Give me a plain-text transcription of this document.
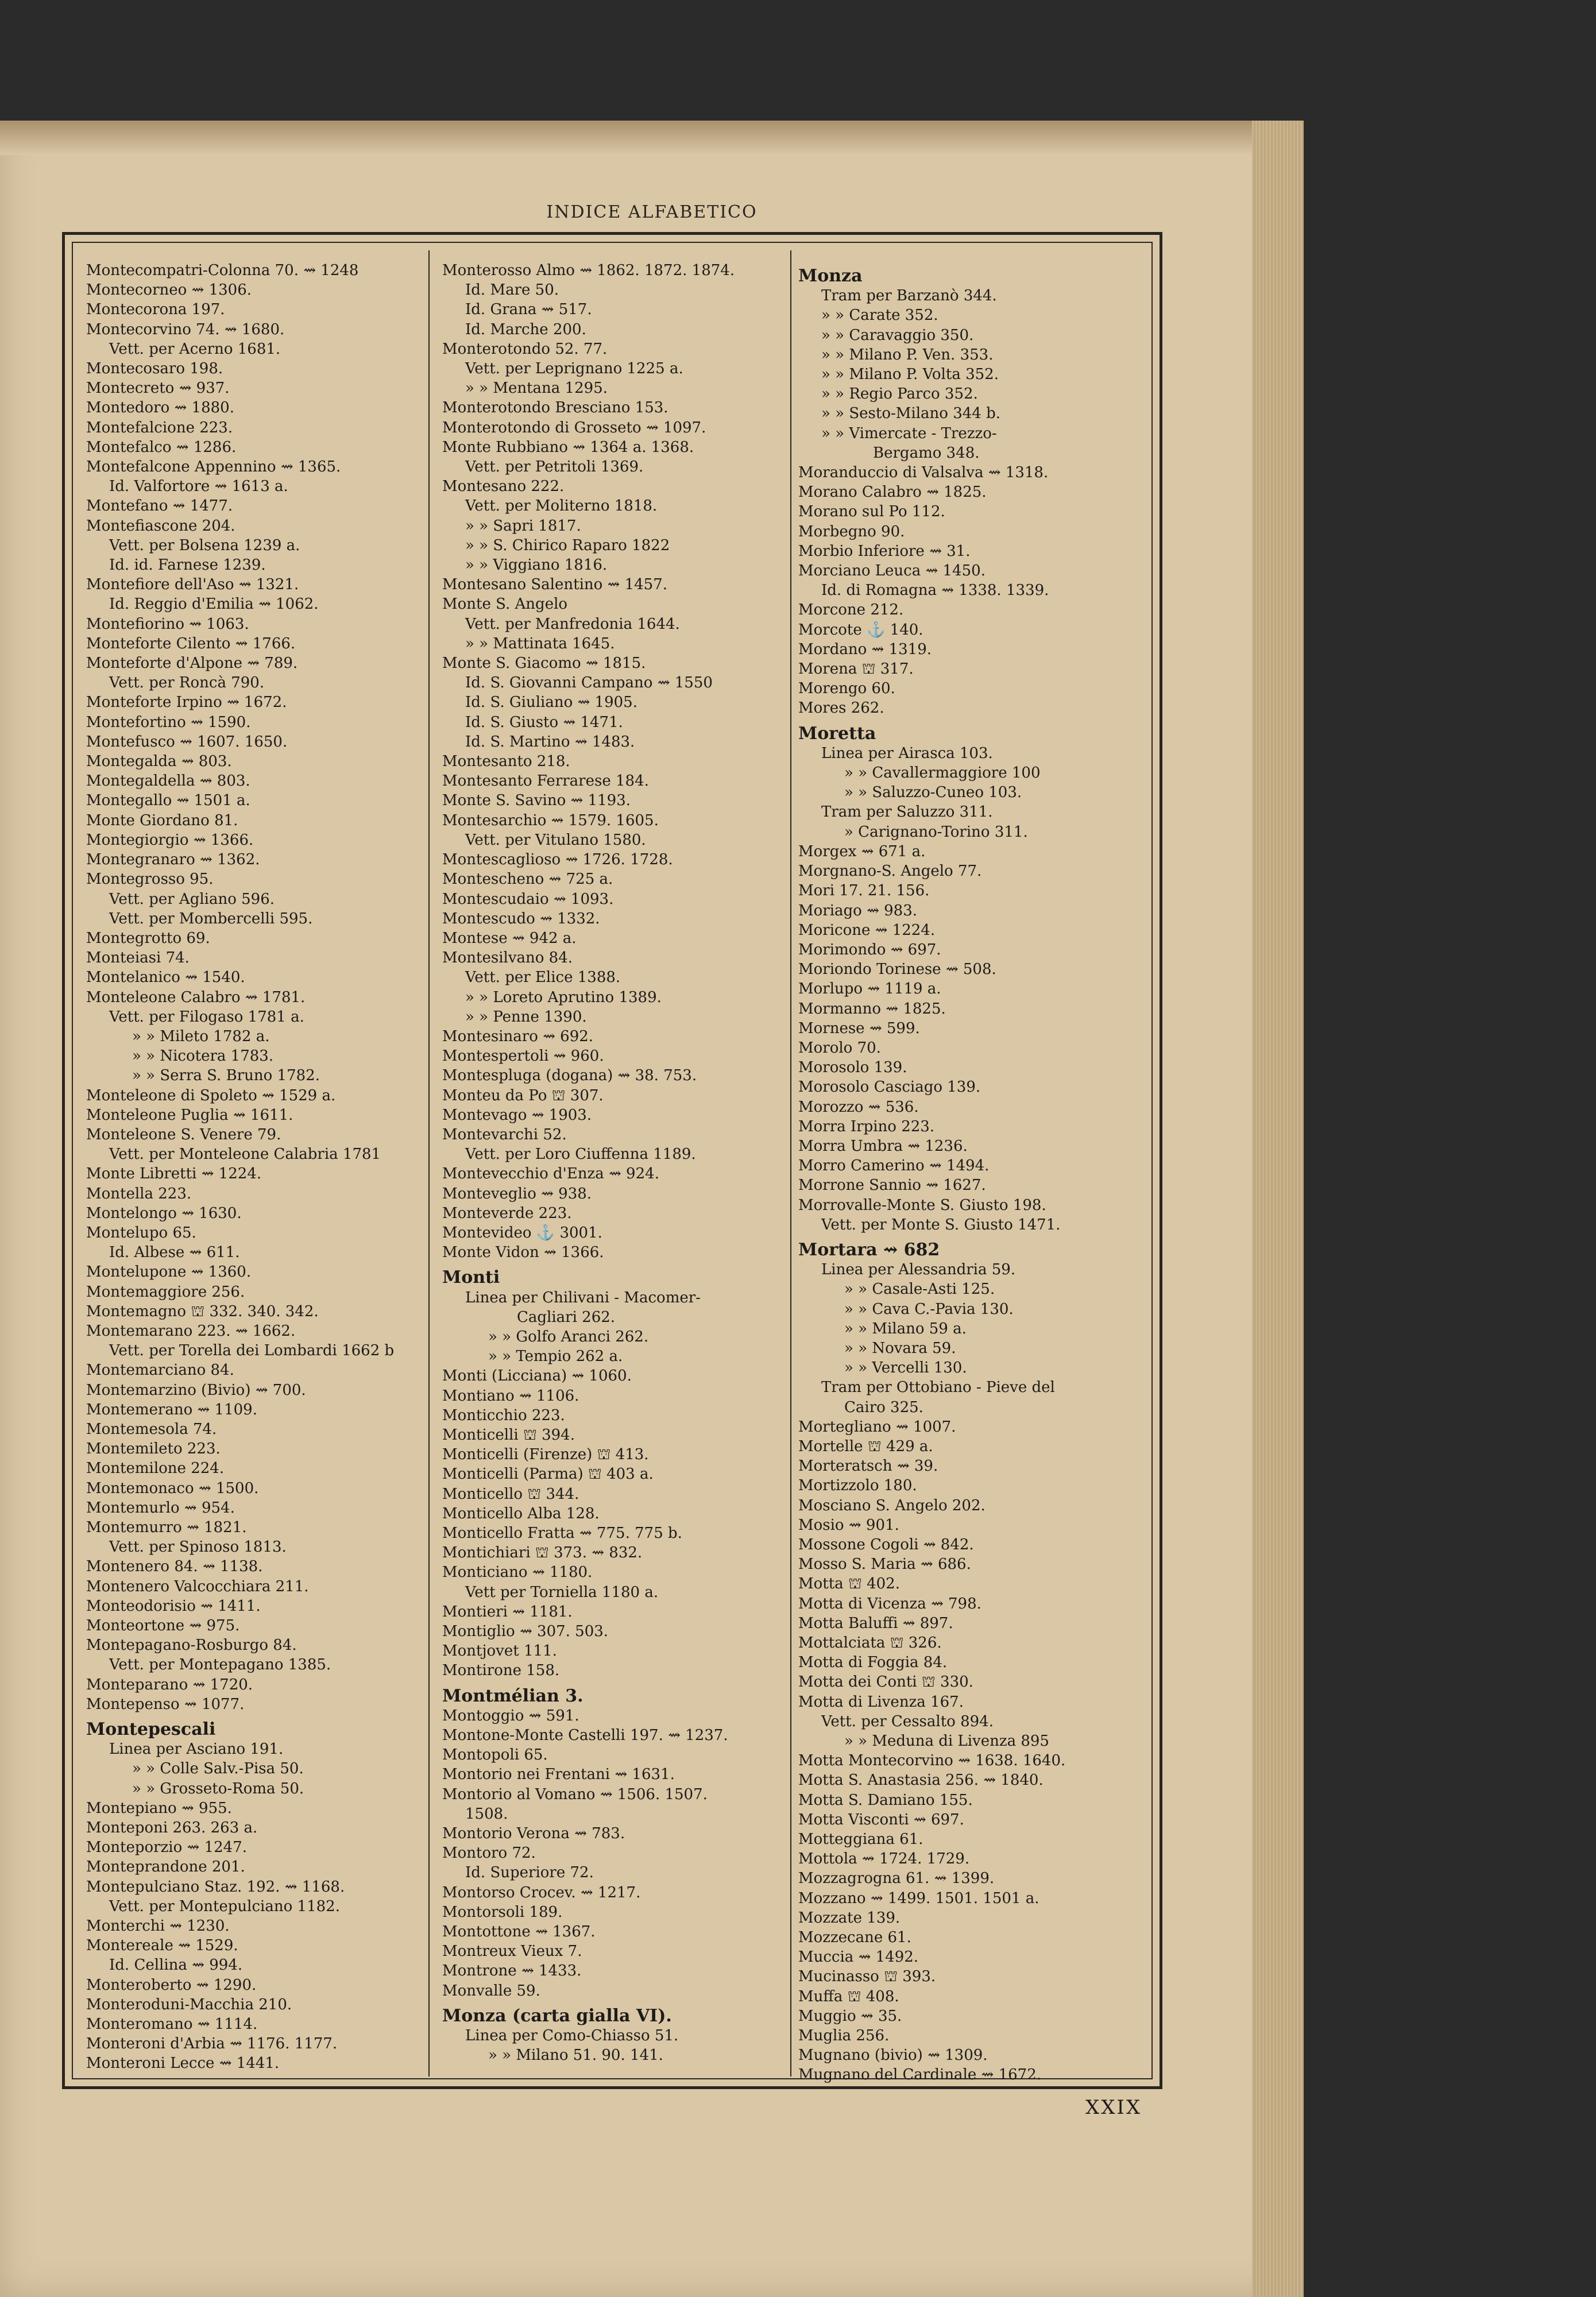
INDICE ALFABETICO
Montecompatri-Colonna 70. ⇝ 1248
Montecorneo ⇝ 1306.
Montecorona 197.
Montecorvino 74. ⇝ 1680.
Vett. per Acerno 1681.
Montecosaro 198.
Montecreto ⇝ 937.
Montedoro ⇝ 1880.
Montefalcione 223.
Montefalco ⇝ 1286.
Montefalcone Appennino ⇝ 1365.
Id. Valfortore ⇝ 1613 a.
Montefano ⇝ 1477.
Montefiascone 204.
Vett. per Bolsena 1239 a.
Id. id. Farnese 1239.
Montefiore dell'Aso ⇝ 1321.
Id. Reggio d'Emilia ⇝ 1062.
Montefiorino ⇝ 1063.
Monteforte Cilento ⇝ 1766.
Monteforte d'Alpone ⇝ 789.
Vett. per Roncà 790.
Monteforte Irpino ⇝ 1672.
Montefortino ⇝ 1590.
Montefusco ⇝ 1607. 1650.
Montegalda ⇝ 803.
Montegaldella ⇝ 803.
Montegallo ⇝ 1501 a.
Monte Giordano 81.
Montegiorgio ⇝ 1366.
Montegranaro ⇝ 1362.
Montegrosso 95.
Vett. per Agliano 596.
Vett. per Mombercelli 595.
Montegrotto 69.
Monteiasi 74.
Montelanico ⇝ 1540.
Monteleone Calabro ⇝ 1781.
Vett. per Filogaso 1781 a.
» » Mileto 1782 a.
» » Nicotera 1783.
» » Serra S. Bruno 1782.
Monteleone di Spoleto ⇝ 1529 a.
Monteleone Puglia ⇝ 1611.
Monteleone S. Venere 79.
Vett. per Monteleone Calabria 1781
Monte Libretti ⇝ 1224.
Montella 223.
Montelongo ⇝ 1630.
Montelupo 65.
Id. Albese ⇝ 611.
Montelupone ⇝ 1360.
Montemaggiore 256.
Montemagno ⛫ 332. 340. 342.
Montemarano 223. ⇝ 1662.
Vett. per Torella dei Lombardi 1662 b
Montemarciano 84.
Montemarzino (Bivio) ⇝ 700.
Montemerano ⇝ 1109.
Montemesola 74.
Montemileto 223.
Montemilone 224.
Montemonaco ⇝ 1500.
Montemurlo ⇝ 954.
Montemurro ⇝ 1821.
Vett. per Spinoso 1813.
Montenero 84. ⇝ 1138.
Montenero Valcocchiara 211.
Monteodorisio ⇝ 1411.
Monteortone ⇝ 975.
Montepagano-Rosburgo 84.
Vett. per Montepagano 1385.
Monteparano ⇝ 1720.
Montepenso ⇝ 1077.
Montepescali
Linea per Asciano 191.
» » Colle Salv.-Pisa 50.
» » Grosseto-Roma 50.
Montepiano ⇝ 955.
Monteponi 263. 263 a.
Monteporzio ⇝ 1247.
Monteprandone 201.
Montepulciano Staz. 192. ⇝ 1168.
Vett. per Montepulciano 1182.
Monterchi ⇝ 1230.
Montereale ⇝ 1529.
Id. Cellina ⇝ 994.
Monteroberto ⇝ 1290.
Monteroduni-Macchia 210.
Monteromano ⇝ 1114.
Monteroni d'Arbia ⇝ 1176. 1177.
Monteroni Lecce ⇝ 1441.
Monterosso Almo ⇝ 1862. 1872. 1874.
Id. Mare 50.
Id. Grana ⇝ 517.
Id. Marche 200.
Monterotondo 52. 77.
Vett. per Leprignano 1225 a.
» » Mentana 1295.
Monterotondo Bresciano 153.
Monterotondo di Grosseto ⇝ 1097.
Monte Rubbiano ⇝ 1364 a. 1368.
Vett. per Petritoli 1369.
Montesano 222.
Vett. per Moliterno 1818.
» » Sapri 1817.
» » S. Chirico Raparo 1822
» » Viggiano 1816.
Montesano Salentino ⇝ 1457.
Monte S. Angelo
Vett. per Manfredonia 1644.
» » Mattinata 1645.
Monte S. Giacomo ⇝ 1815.
Id. S. Giovanni Campano ⇝ 1550
Id. S. Giuliano ⇝ 1905.
Id. S. Giusto ⇝ 1471.
Id. S. Martino ⇝ 1483.
Montesanto 218.
Montesanto Ferrarese 184.
Monte S. Savino ⇝ 1193.
Montesarchio ⇝ 1579. 1605.
Vett. per Vitulano 1580.
Montescaglioso ⇝ 1726. 1728.
Montescheno ⇝ 725 a.
Montescudaio ⇝ 1093.
Montescudo ⇝ 1332.
Montese ⇝ 942 a.
Montesilvano 84.
Vett. per Elice 1388.
» » Loreto Aprutino 1389.
» » Penne 1390.
Montesinaro ⇝ 692.
Montespertoli ⇝ 960.
Montespluga (dogana) ⇝ 38. 753.
Monteu da Po ⛫ 307.
Montevago ⇝ 1903.
Montevarchi 52.
Vett. per Loro Ciuffenna 1189.
Montevecchio d'Enza ⇝ 924.
Monteveglio ⇝ 938.
Monteverde 223.
Montevideo ⚓ 3001.
Monte Vidon ⇝ 1366.
Monti
Linea per Chilivani - Macomer-
Cagliari 262.
» » Golfo Aranci 262.
» » Tempio 262 a.
Monti (Licciana) ⇝ 1060.
Montiano ⇝ 1106.
Monticchio 223.
Monticelli ⛫ 394.
Monticelli (Firenze) ⛫ 413.
Monticelli (Parma) ⛫ 403 a.
Monticello ⛫ 344.
Monticello Alba 128.
Monticello Fratta ⇝ 775. 775 b.
Montichiari ⛫ 373. ⇝ 832.
Monticiano ⇝ 1180.
Vett per Torniella 1180 a.
Montieri ⇝ 1181.
Montiglio ⇝ 307. 503.
Montjovet 111.
Montirone 158.
Montmélian 3.
Montoggio ⇝ 591.
Montone-Monte Castelli 197. ⇝ 1237.
Montopoli 65.
Montorio nei Frentani ⇝ 1631.
Montorio al Vomano ⇝ 1506. 1507.
1508.
Montorio Verona ⇝ 783.
Montoro 72.
Id. Superiore 72.
Montorso Crocev. ⇝ 1217.
Montorsoli 189.
Montottone ⇝ 1367.
Montreux Vieux 7.
Montrone ⇝ 1433.
Monvalle 59.
Monza (carta gialla VI).
Linea per Como-Chiasso 51.
» » Milano 51. 90. 141.
Monza
Tram per Barzanò 344.
» » Carate 352.
» » Caravaggio 350.
» » Milano P. Ven. 353.
» » Milano P. Volta 352.
» » Regio Parco 352.
» » Sesto-Milano 344 b.
» » Vimercate - Trezzo-
Bergamo 348.
Moranduccio di Valsalva ⇝ 1318.
Morano Calabro ⇝ 1825.
Morano sul Po 112.
Morbegno 90.
Morbio Inferiore ⇝ 31.
Morciano Leuca ⇝ 1450.
Id. di Romagna ⇝ 1338. 1339.
Morcone 212.
Morcote ⚓ 140.
Mordano ⇝ 1319.
Morena ⛫ 317.
Morengo 60.
Mores 262.
Moretta
Linea per Airasca 103.
» » Cavallermaggiore 100
» » Saluzzo-Cuneo 103.
Tram per Saluzzo 311.
» Carignano-Torino 311.
Morgex ⇝ 671 a.
Morgnano-S. Angelo 77.
Mori 17. 21. 156.
Moriago ⇝ 983.
Moricone ⇝ 1224.
Morimondo ⇝ 697.
Moriondo Torinese ⇝ 508.
Morlupo ⇝ 1119 a.
Mormanno ⇝ 1825.
Mornese ⇝ 599.
Morolo 70.
Morosolo 139.
Morosolo Casciago 139.
Morozzo ⇝ 536.
Morra Irpino 223.
Morra Umbra ⇝ 1236.
Morro Camerino ⇝ 1494.
Morrone Sannio ⇝ 1627.
Morrovalle-Monte S. Giusto 198.
Vett. per Monte S. Giusto 1471.
Mortara ⇝ 682
Linea per Alessandria 59.
» » Casale-Asti 125.
» » Cava C.-Pavia 130.
» » Milano 59 a.
» » Novara 59.
» » Vercelli 130.
Tram per Ottobiano - Pieve del
Cairo 325.
Mortegliano ⇝ 1007.
Mortelle ⛫ 429 a.
Morteratsch ⇝ 39.
Mortizzolo 180.
Mosciano S. Angelo 202.
Mosio ⇝ 901.
Mossone Cogoli ⇝ 842.
Mosso S. Maria ⇝ 686.
Motta ⛫ 402.
Motta di Vicenza ⇝ 798.
Motta Baluffi ⇝ 897.
Mottalciata ⛫ 326.
Motta di Foggia 84.
Motta dei Conti ⛫ 330.
Motta di Livenza 167.
Vett. per Cessalto 894.
» » Meduna di Livenza 895
Motta Montecorvino ⇝ 1638. 1640.
Motta S. Anastasia 256. ⇝ 1840.
Motta S. Damiano 155.
Motta Visconti ⇝ 697.
Motteggiana 61.
Mottola ⇝ 1724. 1729.
Mozzagrogna 61. ⇝ 1399.
Mozzano ⇝ 1499. 1501. 1501 a.
Mozzate 139.
Mozzecane 61.
Muccia ⇝ 1492.
Mucinasso ⛫ 393.
Muffa ⛫ 408.
Muggio ⇝ 35.
Muglia 256.
Mugnano (bivio) ⇝ 1309.
Mugnano del Cardinale ⇝ 1672.
XXIX
